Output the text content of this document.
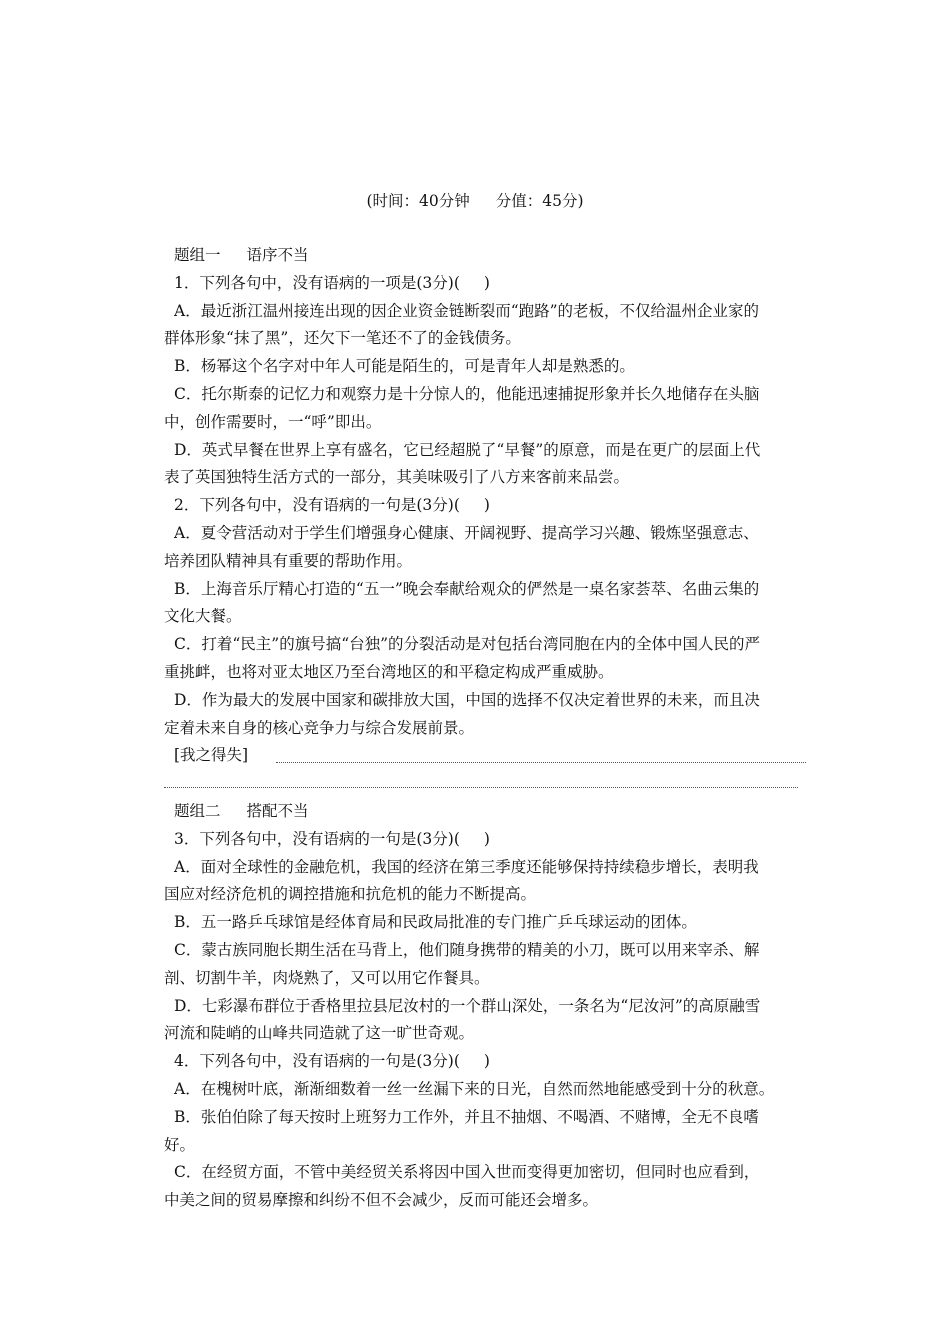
(时间：40分钟 分值：45分)
题组一 语序不当
1．下列各句中，没有语病的一项是(3分)( )
A．最近浙江温州接连出现的因企业资金链断裂而“跑路”的老板，不仅给温州企业家的
群体形象“抹了黑”，还欠下一笔还不了的金钱债务。
B．杨幂这个名字对中年人可能是陌生的，可是青年人却是熟悉的。
C．托尔斯泰的记忆力和观察力是十分惊人的，他能迅速捕捉形象并长久地储存在头脑
中，创作需要时，一“呼”即出。
D．英式早餐在世界上享有盛名，它已经超脱了“早餐”的原意，而是在更广的层面上代
表了英国独特生活方式的一部分，其美味吸引了八方来客前来品尝。
2．下列各句中，没有语病的一句是(3分)( )
A．夏令营活动对于学生们增强身心健康、开阔视野、提高学习兴趣、锻炼坚强意志、
培养团队精神具有重要的帮助作用。
B．上海音乐厅精心打造的“五一”晚会奉献给观众的俨然是一桌名家荟萃、名曲云集的
文化大餐。
C．打着“民主”的旗号搞“台独”的分裂活动是对包括台湾同胞在内的全体中国人民的严
重挑衅，也将对亚太地区乃至台湾地区的和平稳定构成严重威胁。
D．作为最大的发展中国家和碳排放大国，中国的选择不仅决定着世界的未来，而且决
定着未来自身的核心竞争力与综合发展前景。
[我之得失]
题组二 搭配不当
3．下列各句中，没有语病的一句是(3分)( )
A．面对全球性的金融危机，我国的经济在第三季度还能够保持持续稳步增长，表明我
国应对经济危机的调控措施和抗危机的能力不断提高。
B．五一路乒乓球馆是经体育局和民政局批准的专门推广乒乓球运动的团体。
C．蒙古族同胞长期生活在马背上，他们随身携带的精美的小刀，既可以用来宰杀、解
剖、切割牛羊，肉烧熟了，又可以用它作餐具。
D．七彩瀑布群位于香格里拉县尼汝村的一个群山深处，一条名为“尼汝河”的高原融雪
河流和陡峭的山峰共同造就了这一旷世奇观。
4．下列各句中，没有语病的一句是(3分)( )
A．在槐树叶底，渐渐细数着一丝一丝漏下来的日光，自然而然地能感受到十分的秋意。
B．张伯伯除了每天按时上班努力工作外，并且不抽烟、不喝酒、不赌博，全无不良嗜
好。
C．在经贸方面，不管中美经贸关系将因中国入世而变得更加密切，但同时也应看到，
中美之间的贸易摩擦和纠纷不但不会减少，反而可能还会增多。
